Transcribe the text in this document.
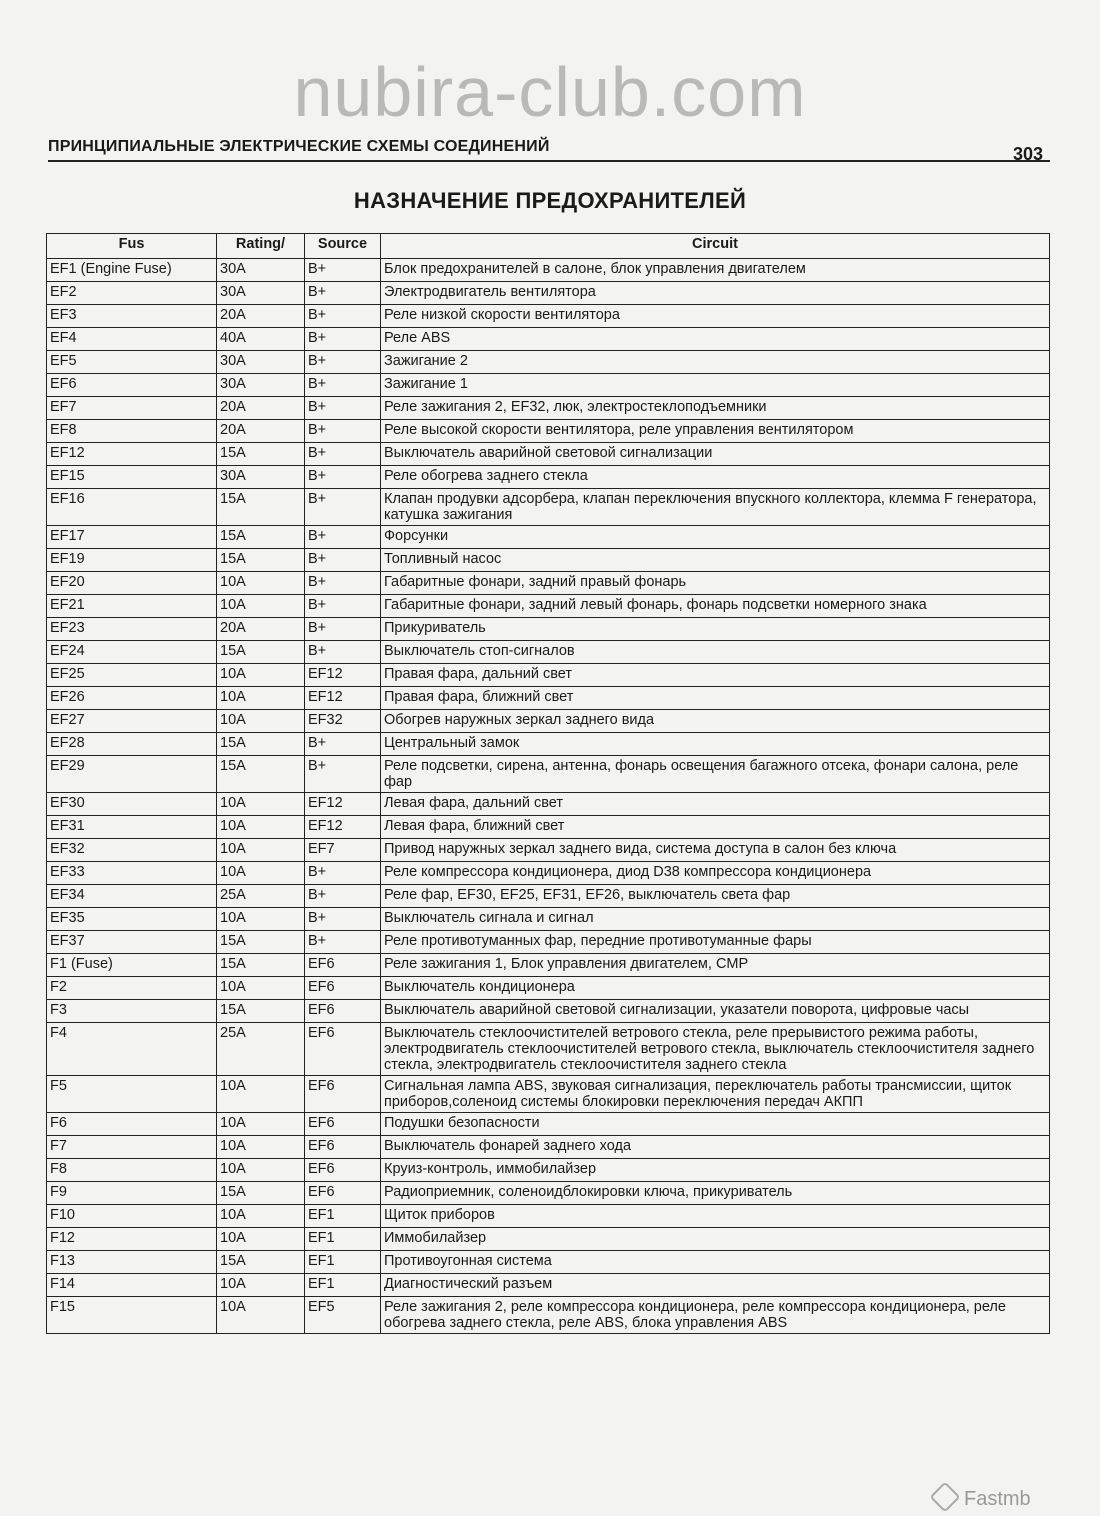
nubira-club.com
ПРИНЦИПИАЛЬНЫЕ ЭЛЕКТРИЧЕСКИЕ СХЕМЫ СОЕДИНЕНИЙ	303
НАЗНАЧЕНИЕ ПРЕДОХРАНИТЕЛЕЙ
Fus	Rating/	Source	Circuit
EF1 (Engine Fuse)	30A	B+	Блок предохранителей в салоне, блок управления двигателем
EF2	30A	B+	Электродвигатель вентилятора
EF3	20A	B+	Реле низкой скорости вентилятора
EF4	40A	B+	Реле ABS
EF5	30A	B+	Зажигание 2
EF6	30A	B+	Зажигание 1
EF7	20A	B+	Реле зажигания 2, EF32, люк, электростеклоподъемники
EF8	20A	B+	Реле высокой скорости вентилятора, реле управления вентилятором
EF12	15A	B+	Выключатель аварийной световой сигнализации
EF15	30A	B+	Реле обогрева заднего стекла
EF16	15A	B+	Клапан продувки адсорбера, клапан переключения впускного коллектора, клемма F генератора, катушка зажигания
EF17	15A	B+	Форсунки
EF19	15A	B+	Топливный насос
EF20	10A	B+	Габаритные фонари, задний правый фонарь
EF21	10A	B+	Габаритные фонари, задний левый фонарь, фонарь подсветки номерного знака
EF23	20A	B+	Прикуриватель
EF24	15A	B+	Выключатель стоп-сигналов
EF25	10A	EF12	Правая фара, дальний свет
EF26	10A	EF12	Правая фара, ближний свет
EF27	10A	EF32	Обогрев наружных зеркал заднего вида
EF28	15A	B+	Центральный замок
EF29	15A	B+	Реле подсветки, сирена, антенна, фонарь освещения багажного отсека, фонари салона, реле фар
EF30	10A	EF12	Левая фара, дальний свет
EF31	10A	EF12	Левая фара, ближний свет
EF32	10A	EF7	Привод наружных зеркал заднего вида, система доступа в салон без ключа
EF33	10A	B+	Реле компрессора кондиционера, диод D38 компрессора кондиционера
EF34	25A	B+	Реле фар, EF30, EF25, EF31, EF26, выключатель света фар
EF35	10A	B+	Выключатель сигнала и сигнал
EF37	15A	B+	Реле противотуманных фар, передние противотуманные фары
F1 (Fuse)	15A	EF6	Реле зажигания 1, Блок управления двигателем, CMP
F2	10A	EF6	Выключатель кондиционера
F3	15A	EF6	Выключатель аварийной световой сигнализации, указатели поворота, цифровые часы
F4	25A	EF6	Выключатель стеклоочистителей ветрового стекла, реле прерывистого режима работы, электродвигатель стеклоочистителей ветрового стекла, выключатель стеклоочистителя заднего стекла, электродвигатель стеклоочистителя заднего стекла
F5	10A	EF6	Сигнальная лампа ABS, звуковая сигнализация, переключатель работы трансмиссии, щиток приборов,соленоид системы блокировки переключения передач АКПП
F6	10A	EF6	Подушки безопасности
F7	10A	EF6	Выключатель фонарей заднего хода
F8	10A	EF6	Круиз-контроль, иммобилайзер
F9	15A	EF6	Радиоприемник, соленоидблокировки ключа, прикуриватель
F10	10A	EF1	Щиток приборов
F12	10A	EF1	Иммобилайзер
F13	15A	EF1	Противоугонная система
F14	10A	EF1	Диагностический разъем
F15	10A	EF5	Реле зажигания 2, реле компрессора кондиционера, реле компрессора кондиционера, реле обогрева заднего стекла, реле ABS, блока управления ABS
Fastmb
